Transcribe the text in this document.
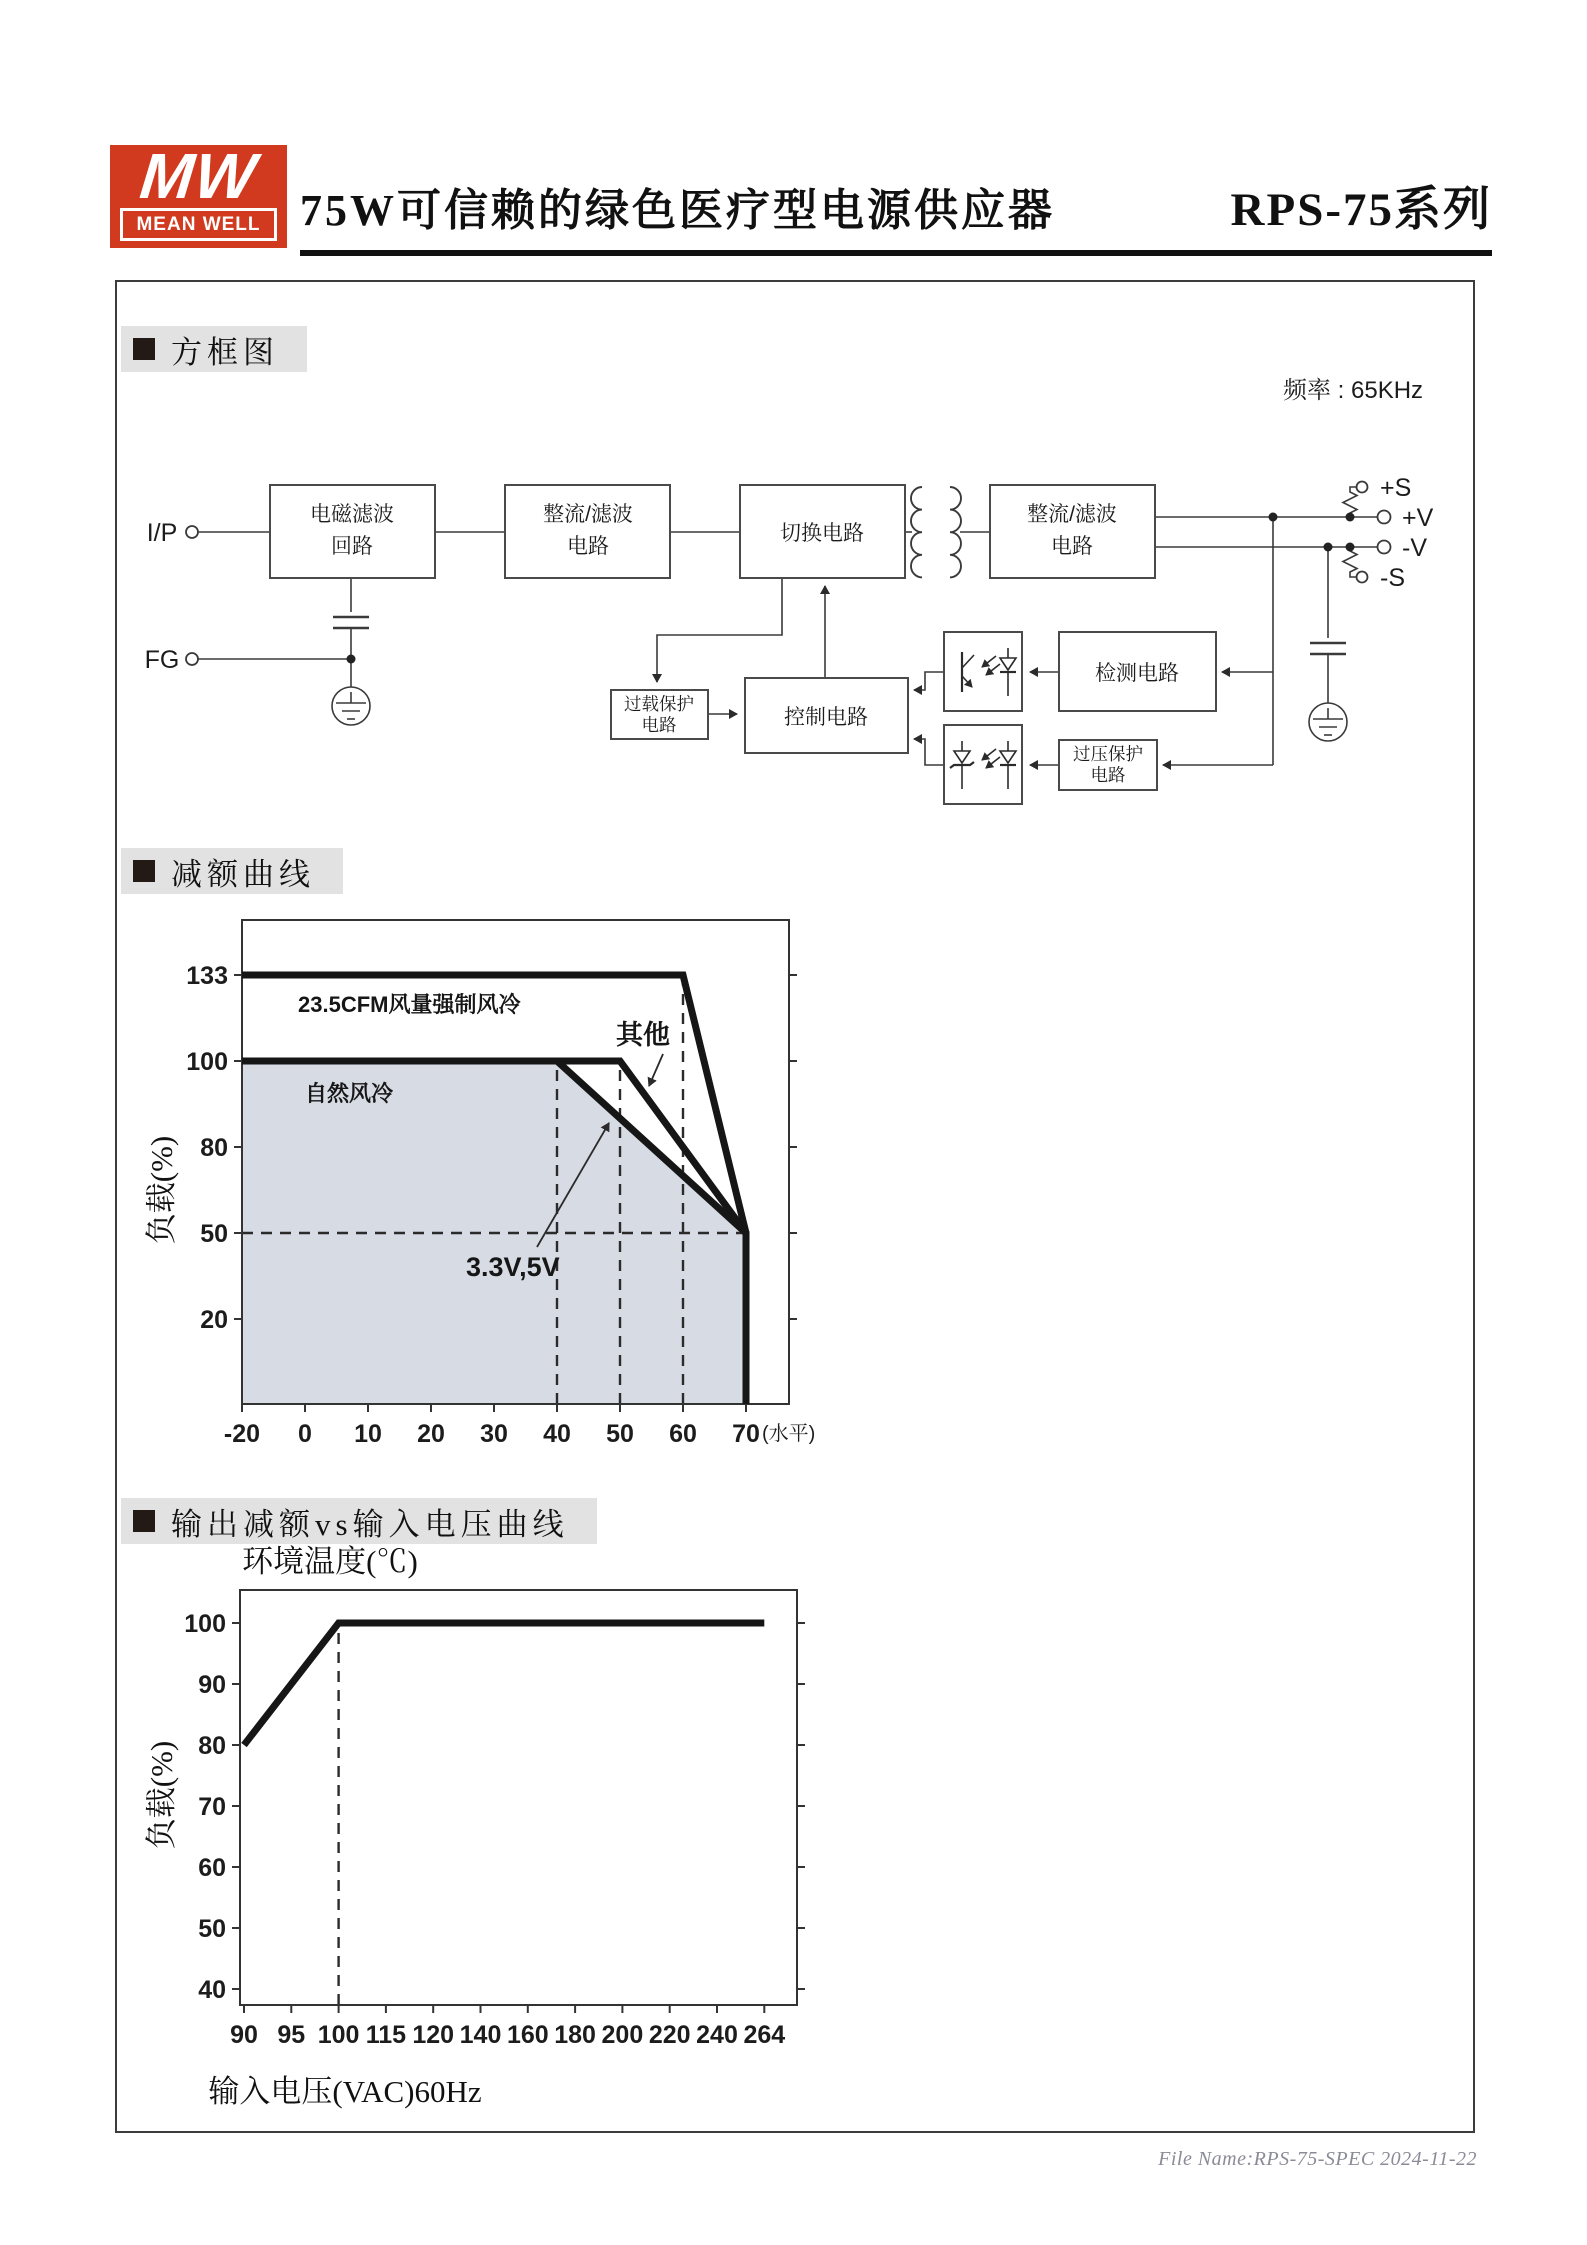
MW
MEAN WELL 75W可信赖的绿色医疗型电源供应器	RPS-75系列
方框图
减额曲线
输出减额vs输入电压曲线
频率 : 65KHz
电磁滤波
回路
整流/滤波
电路
切换电路
整流/滤波
电路
检测电路
控制电路
过载保护
电路
过压保护
电路
I/P
FG
+S
+V
-V
-S
20
50
80
100
133
-20 0 10 20 30 40 50 60 70 (水平)
环境温度(℃)
负载(%)
40
50
60
70
80
90
100
90 95 100 115 120 140 160 180 200 220 240 264
输入电压(VAC)60Hz
负载(%)
23.5CFM风量强制风冷
自然风冷
其他
3.3V,5V
File Name:RPS-75-SPEC 2024-11-22
